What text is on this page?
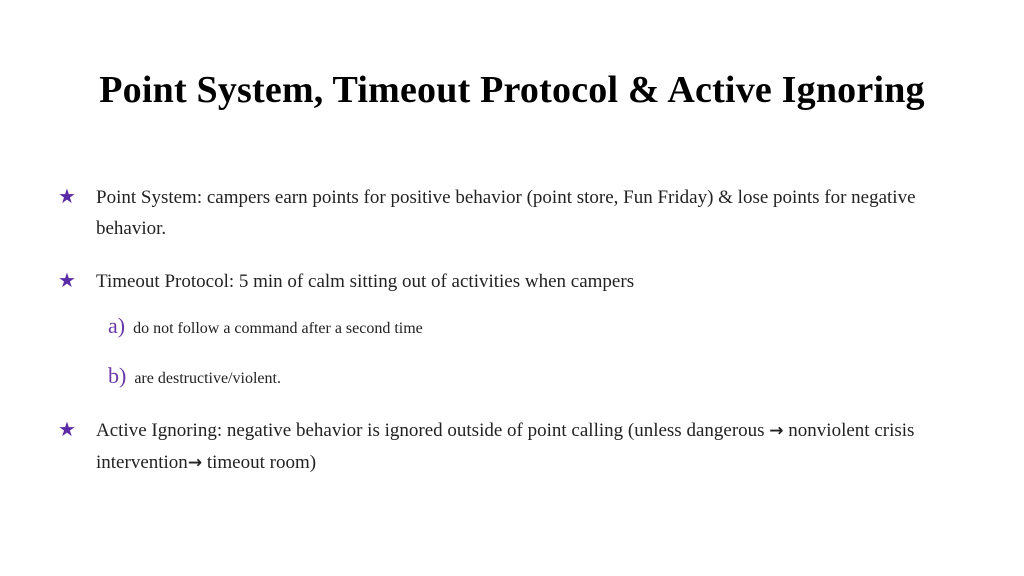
Point System, Timeout Protocol & Active Ignoring
★ Point System: campers earn points for positive behavior (point store, Fun Friday) & lose points for negative behavior.
★ Timeout Protocol: 5 min of calm sitting out of activities when campers
a) do not follow a command after a second time
b) are destructive/violent.
★ Active Ignoring: negative behavior is ignored outside of point calling (unless dangerous → nonviolent crisis intervention→ timeout room)
